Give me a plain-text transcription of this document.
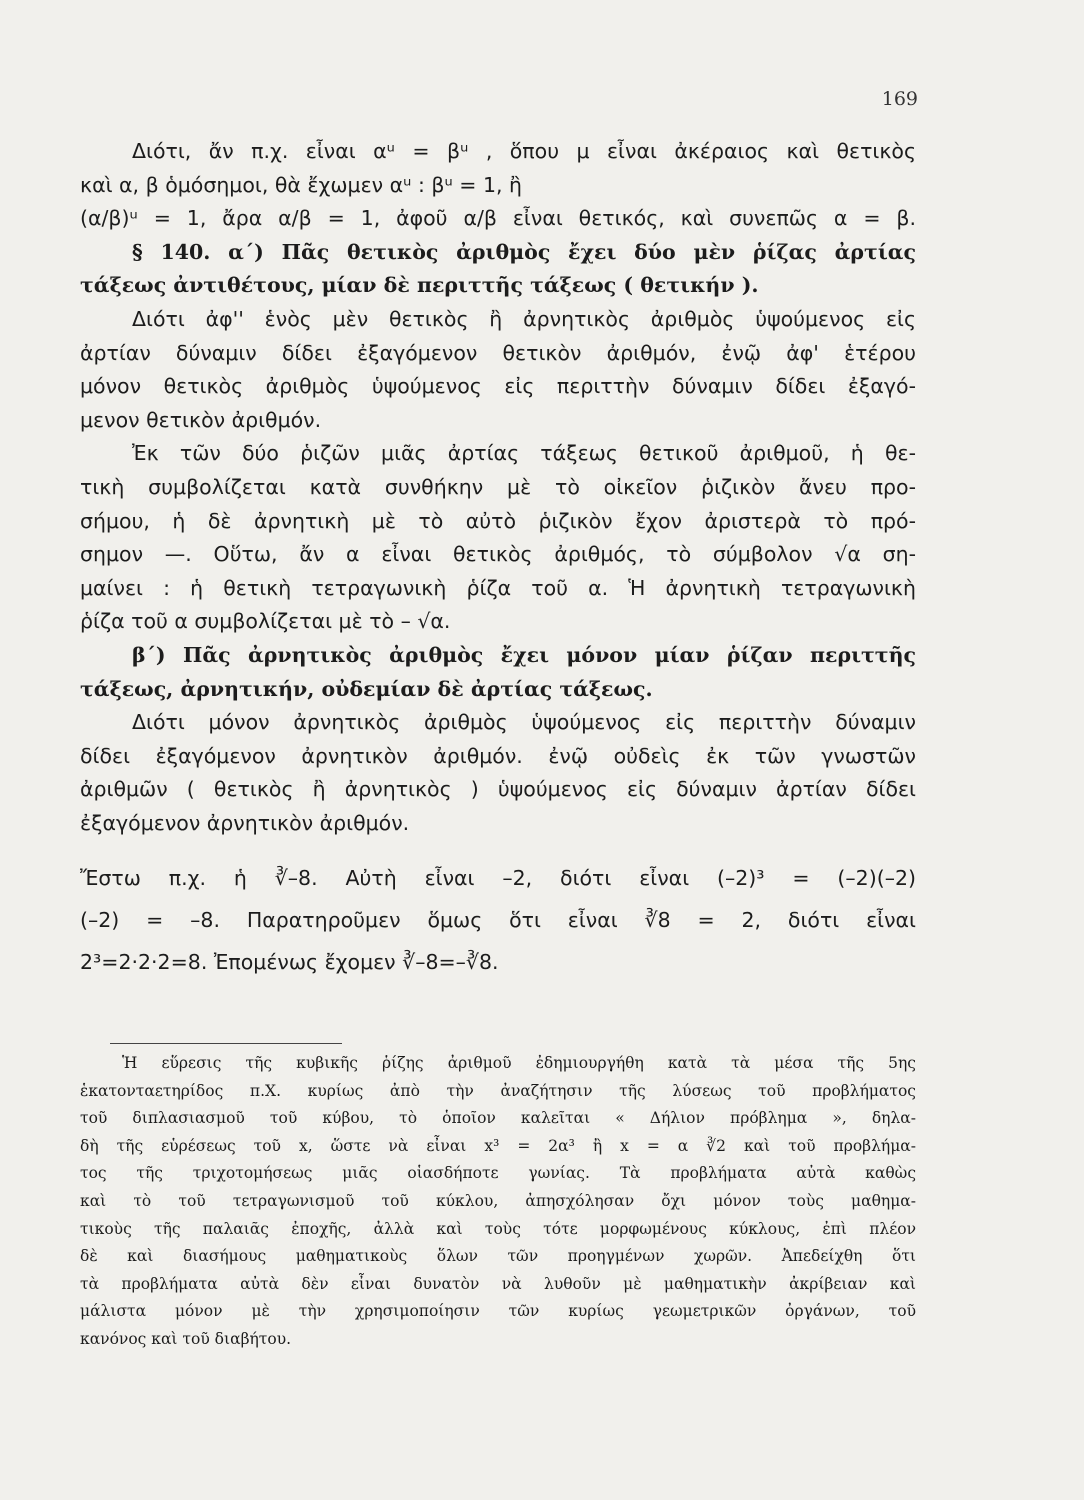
169
Διότι, ἄν π.χ. εἶναι αᵘ = βᵘ , ὅπου μ εἶναι ἀκέραιος καὶ θετικὸς
καὶ α, β ὁμόσημοι, θὰ ἔχωμεν αᵘ : βᵘ = 1, ἢ
(α/β)ᵘ = 1, ἄρα α/β = 1, ἀφοῦ α/β εἶναι θετικός, καὶ συνεπῶς α = β.
§ 140. α΄) Πᾶς θετικὸς ἀριθμὸς ἔχει δύο μὲν ῥίζας ἀρτίας
τάξεως ἀντιθέτους, μίαν δὲ περιττῆς τάξεως ( θετικήν ).
Διότι ἀφ'' ἑνὸς μὲν θετικὸς ἢ ἀρνητικὸς ἀριθμὸς ὑψούμενος εἰς
ἀρτίαν δύναμιν δίδει ἐξαγόμενον θετικὸν ἀριθμόν, ἐνῷ ἀφ' ἑτέρου
μόνον θετικὸς ἀριθμὸς ὑψούμενος εἰς περιττὴν δύναμιν δίδει ἐξαγό-
μενον θετικὸν ἀριθμόν.
Ἐκ τῶν δύο ῥιζῶν μιᾶς ἀρτίας τάξεως θετικοῦ ἀριθμοῦ, ἡ θε-
τικὴ συμβολίζεται κατὰ συνθήκην μὲ τὸ οἰκεῖον ῥιζικὸν ἄνευ προ-
σήμου, ἡ δὲ ἀρνητικὴ μὲ τὸ αὐτὸ ῥιζικὸν ἔχον ἀριστερὰ τὸ πρό-
σημον —. Οὕτω, ἄν α εἶναι θετικὸς ἀριθμός, τὸ σύμβολον √α ση-
μαίνει : ἡ θετικὴ τετραγωνικὴ ῥίζα τοῦ α. Ἡ ἀρνητικὴ τετραγωνικὴ
ῥίζα τοῦ α συμβολίζεται μὲ τὸ – √α.
β΄) Πᾶς ἀρνητικὸς ἀριθμὸς ἔχει μόνον μίαν ῥίζαν περιττῆς
τάξεως, ἀρνητικήν, οὐδεμίαν δὲ ἀρτίας τάξεως.
Διότι μόνον ἀρνητικὸς ἀριθμὸς ὑψούμενος εἰς περιττὴν δύναμιν
δίδει ἐξαγόμενον ἀρνητικὸν ἀριθμόν. ἐνῷ οὐδεὶς ἐκ τῶν γνωστῶν
ἀριθμῶν ( θετικὸς ἢ ἀρνητικὸς ) ὑψούμενος εἰς δύναμιν ἀρτίαν δίδει
ἐξαγόμενον ἀρνητικὸν ἀριθμόν.
Ἔστω π.χ. ἡ ∛–8. Αὐτὴ εἶναι –2, διότι εἶναι (–2)³ = (–2)(–2)
(–2) = –8. Παρατηροῦμεν ὅμως ὅτι εἶναι ∛8 = 2, διότι εἶναι
2³=2·2·2=8. Ἐπομένως ἔχομεν ∛–8=–∛8.
Ἡ εὕρεσις τῆς κυβικῆς ῥίζης ἀριθμοῦ ἐδημιουργήθη κατὰ τὰ μέσα τῆς 5ης
ἑκατονταετηρίδος π.Χ. κυρίως ἀπὸ τὴν ἀναζήτησιν τῆς λύσεως τοῦ προβλήματος
τοῦ διπλασιασμοῦ τοῦ κύβου, τὸ ὁποῖον καλεῖται « Δήλιον πρόβλημα », δηλα-
δὴ τῆς εὑρέσεως τοῦ x, ὥστε νὰ εἶναι x³ = 2α³ ἢ x = α ∛2 καὶ τοῦ προβλήμα-
τος τῆς τριχοτομήσεως μιᾶς οἱασδήποτε γωνίας. Τὰ προβλήματα αὐτὰ καθὼς
καὶ τὸ τοῦ τετραγωνισμοῦ τοῦ κύκλου, ἀπησχόλησαν ὄχι μόνον τοὺς μαθημα-
τικοὺς τῆς παλαιᾶς ἐποχῆς, ἀλλὰ καὶ τοὺς τότε μορφωμένους κύκλους, ἐπὶ πλέον
δὲ καὶ διασήμους μαθηματικοὺς ὅλων τῶν προηγμένων χωρῶν. Ἀπεδείχθη ὅτι
τὰ προβλήματα αὐτὰ δὲν εἶναι δυνατὸν νὰ λυθοῦν μὲ μαθηματικὴν ἀκρίβειαν καὶ
μάλιστα μόνον μὲ τὴν χρησιμοποίησιν τῶν κυρίως γεωμετρικῶν ὀργάνων, τοῦ
κανόνος καὶ τοῦ διαβήτου.
